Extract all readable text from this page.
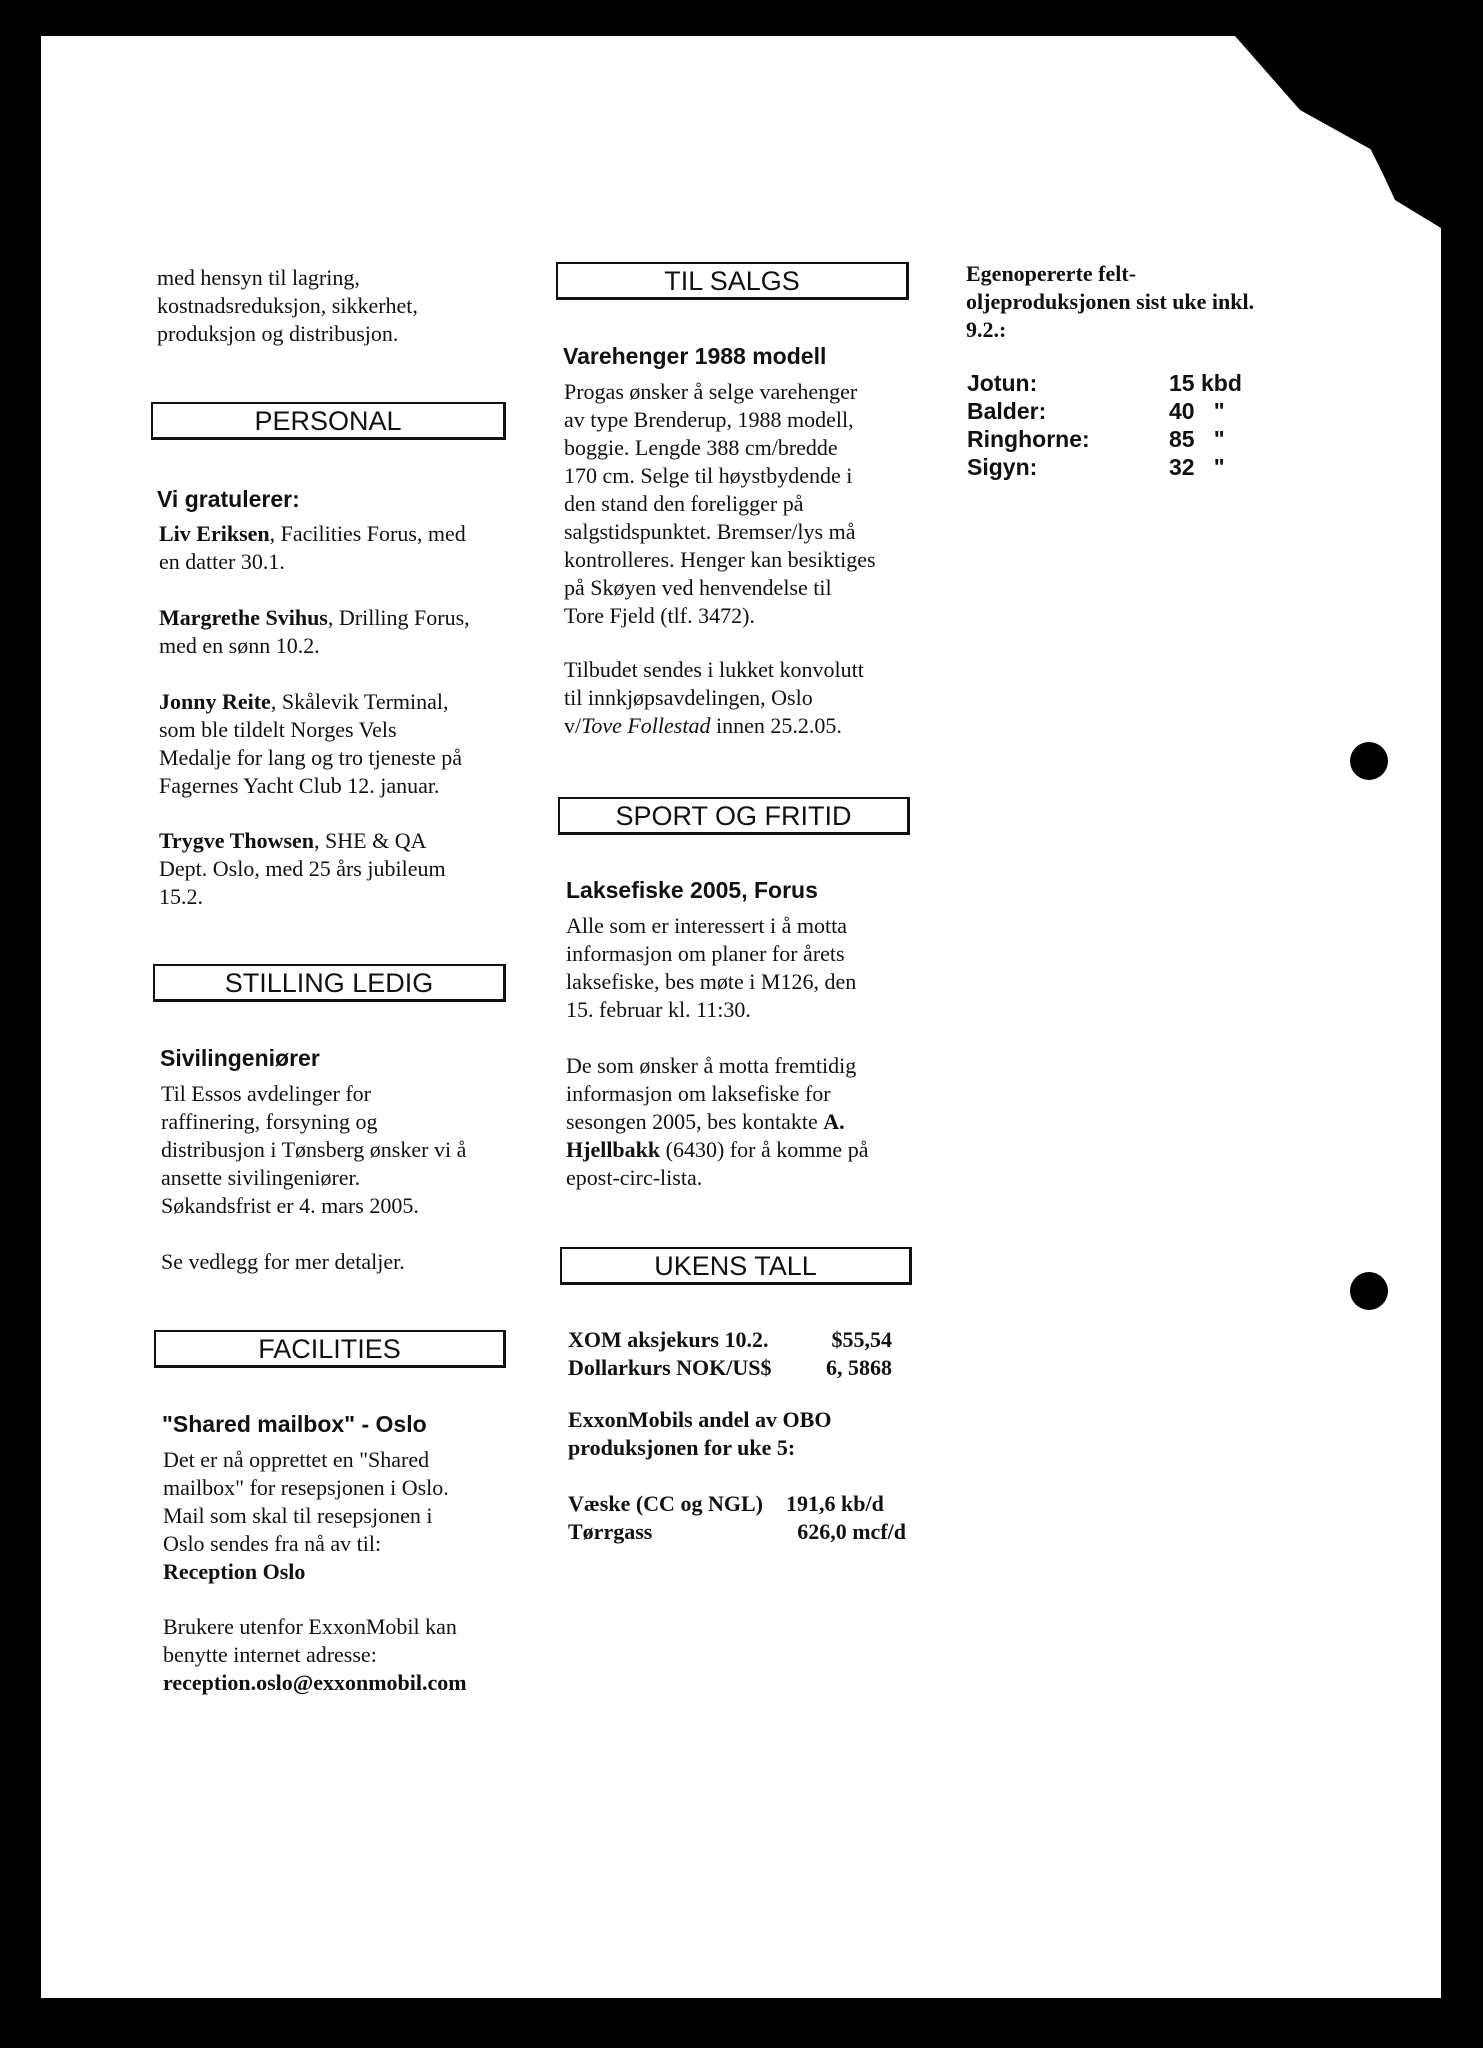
med hensyn til lagring,
kostnadsreduksjon, sikkerhet,
produksjon og distribusjon.
PERSONAL
Vi gratulerer:
Liv Eriksen, Facilities Forus, med
en datter 30.1.
Margrethe Svihus, Drilling Forus,
med en sønn 10.2.
Jonny Reite, Skålevik Terminal,
som ble tildelt Norges Vels
Medalje for lang og tro tjeneste på
Fagernes Yacht Club 12. januar.
Trygve Thowsen, SHE & QA
Dept. Oslo, med 25 års jubileum
15.2.
STILLING LEDIG
Sivilingeniører
Til Essos avdelinger for
raffinering, forsyning og
distribusjon i Tønsberg ønsker vi å
ansette sivilingeniører.
Søkandsfrist er 4. mars 2005.
Se vedlegg for mer detaljer.
FACILITIES
"Shared mailbox" - Oslo
Det er nå opprettet en "Shared
mailbox" for resepsjonen i Oslo.
Mail som skal til resepsjonen i
Oslo sendes fra nå av til:
Reception Oslo
Brukere utenfor ExxonMobil kan
benytte internet adresse:
reception.oslo@exxonmobil.com
TIL SALGS
Varehenger 1988 modell
Progas ønsker å selge varehenger
av type Brenderup, 1988 modell,
boggie. Lengde 388 cm/bredde
170 cm. Selge til høystbydende i
den stand den foreligger på
salgstidspunktet. Bremser/lys må
kontrolleres. Henger kan besiktiges
på Skøyen ved henvendelse til
Tore Fjeld (tlf. 3472).
Tilbudet sendes i lukket konvolutt
til innkjøpsavdelingen, Oslo
v/Tove Follestad innen 25.2.05.
SPORT OG FRITID
Laksefiske 2005, Forus
Alle som er interessert i å motta
informasjon om planer for årets
laksefiske, bes møte i M126, den
15. februar kl. 11:30.
De som ønsker å motta fremtidig
informasjon om laksefiske for
sesongen 2005, bes kontakte A.
Hjellbakk (6430) for å komme på
epost-circ-lista.
UKENS TALL
XOM aksjekurs 10.2.	$55,54
Dollarkurs NOK/US$	6, 5868
ExxonMobils andel av OBO
produksjonen for uke 5:
Væske (CC og NGL)	191,6 kb/d
Tørrgass	626,0 mcf/d
Egenopererte felt-
oljeproduksjonen sist uke inkl.
9.2.:
Jotun:	15 kbd
Balder:	40   "
Ringhorne:	85   "
Sigyn:	32   "
